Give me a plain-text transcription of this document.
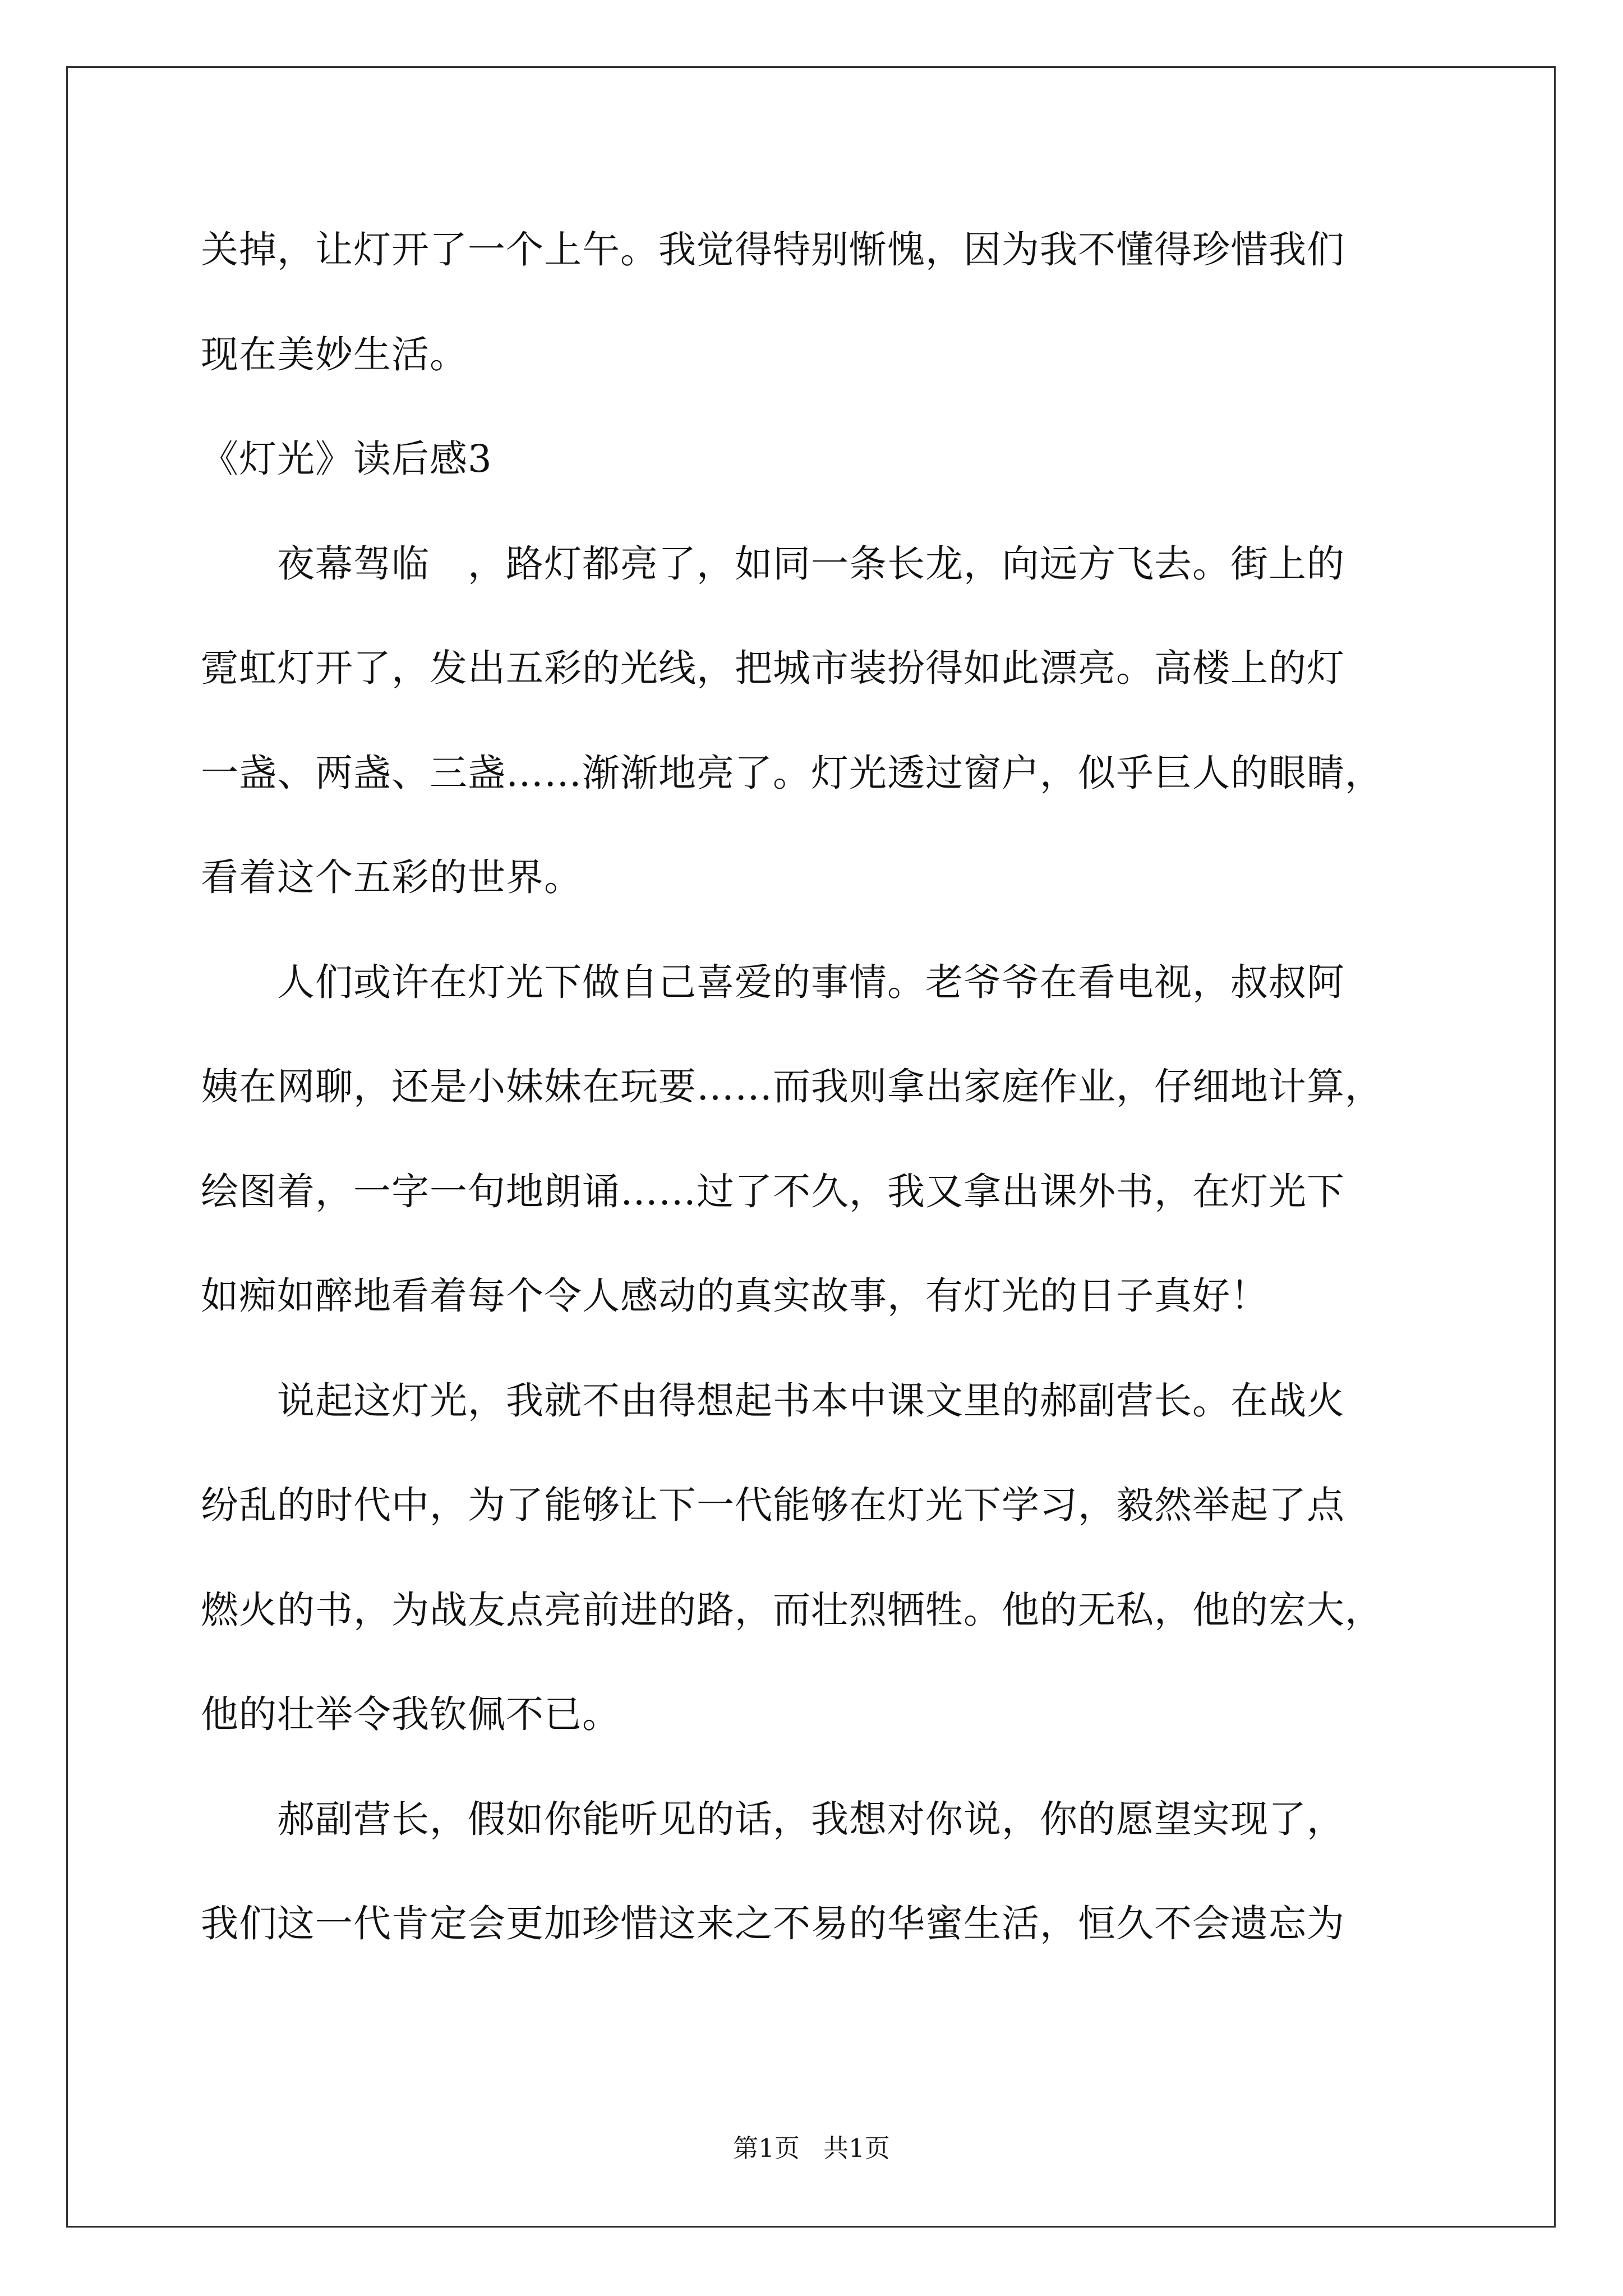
关掉，让灯开了一个上午。我觉得特别惭愧，因为我不懂得珍惜我们
现在美妙生活。
《灯光》读后感3
　　夜幕驾临　，路灯都亮了，如同一条长龙，向远方飞去。街上的
霓虹灯开了，发出五彩的光线，把城市装扮得如此漂亮。高楼上的灯
一盏、两盏、三盏……渐渐地亮了。灯光透过窗户，似乎巨人的眼睛，
看着这个五彩的世界。
　　人们或许在灯光下做自己喜爱的事情。老爷爷在看电视，叔叔阿
姨在网聊，还是小妹妹在玩要……而我则拿出家庭作业，仔细地计算，
绘图着，一字一句地朗诵……过了不久，我又拿出课外书，在灯光下
如痴如醉地看着每个令人感动的真实故事，有灯光的日子真好！
　　说起这灯光，我就不由得想起书本中课文里的郝副营长。在战火
纷乱的时代中，为了能够让下一代能够在灯光下学习，毅然举起了点
燃火的书，为战友点亮前进的路，而壮烈牺牲。他的无私，他的宏大，
他的壮举令我钦佩不已。
　　郝副营长，假如你能听见的话，我想对你说，你的愿望实现了，
我们这一代肯定会更加珍惜这来之不易的华蜜生活，恒久不会遗忘为
第1页 共1页
